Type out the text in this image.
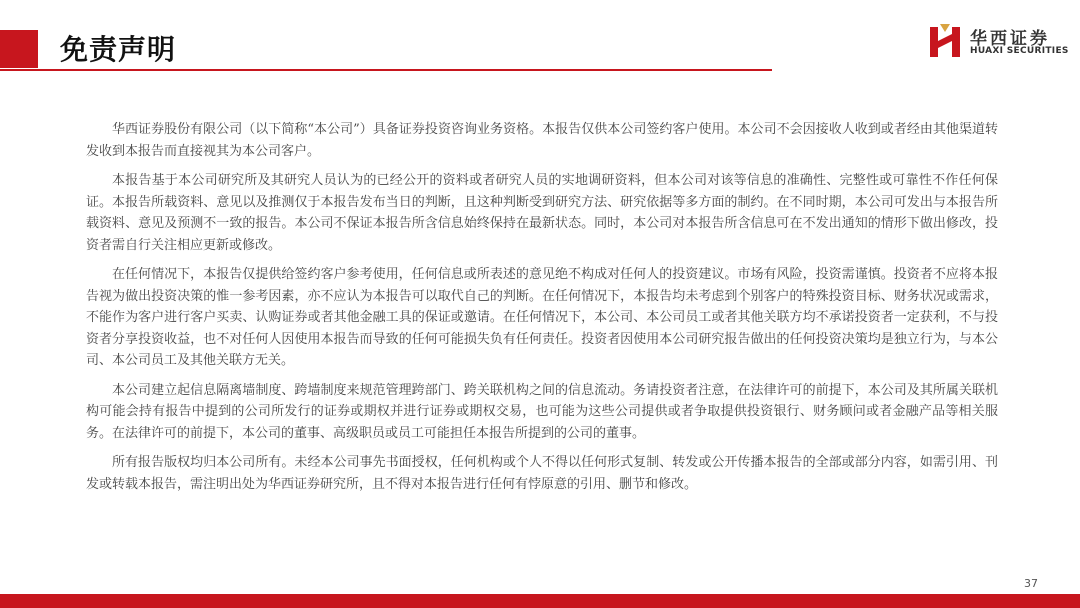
免责声明	华西证券
HUAXI SECURITIES

华西证券股份有限公司（以下简称“本公司”）具备证券投资咨询业务资格。本报告仅供本公司签约客户使用。本公司不会因接收人收到或者经由其他渠道转发收到本报告而直接视其为本公司客户。

本报告基于本公司研究所及其研究人员认为的已经公开的资料或者研究人员的实地调研资料，但本公司对该等信息的准确性、完整性或可靠性不作任何保证。本报告所载资料、意见以及推测仅于本报告发布当日的判断，且这种判断受到研究方法、研究依据等多方面的制约。在不同时期，本公司可发出与本报告所载资料、意见及预测不一致的报告。本公司不保证本报告所含信息始终保持在最新状态。同时，本公司对本报告所含信息可在不发出通知的情形下做出修改，投资者需自行关注相应更新或修改。

在任何情况下，本报告仅提供给签约客户参考使用，任何信息或所表述的意见绝不构成对任何人的投资建议。市场有风险，投资需谨慎。投资者不应将本报告视为做出投资决策的惟一参考因素，亦不应认为本报告可以取代自己的判断。在任何情况下，本报告均未考虑到个别客户的特殊投资目标、财务状况或需求，不能作为客户进行客户买卖、认购证券或者其他金融工具的保证或邀请。在任何情况下，本公司、本公司员工或者其他关联方均不承诺投资者一定获利，不与投资者分享投资收益，也不对任何人因使用本报告而导致的任何可能损失负有任何责任。投资者因使用本公司研究报告做出的任何投资决策均是独立行为，与本公司、本公司员工及其他关联方无关。

本公司建立起信息隔离墙制度、跨墙制度来规范管理跨部门、跨关联机构之间的信息流动。务请投资者注意，在法律许可的前提下，本公司及其所属关联机构可能会持有报告中提到的公司所发行的证券或期权并进行证券或期权交易，也可能为这些公司提供或者争取提供投资银行、财务顾问或者金融产品等相关服务。在法律许可的前提下，本公司的董事、高级职员或员工可能担任本报告所提到的公司的董事。

所有报告版权均归本公司所有。未经本公司事先书面授权，任何机构或个人不得以任何形式复制、转发或公开传播本报告的全部或部分内容，如需引用、刊发或转载本报告，需注明出处为华西证券研究所，且不得对本报告进行任何有悖原意的引用、删节和修改。

37
